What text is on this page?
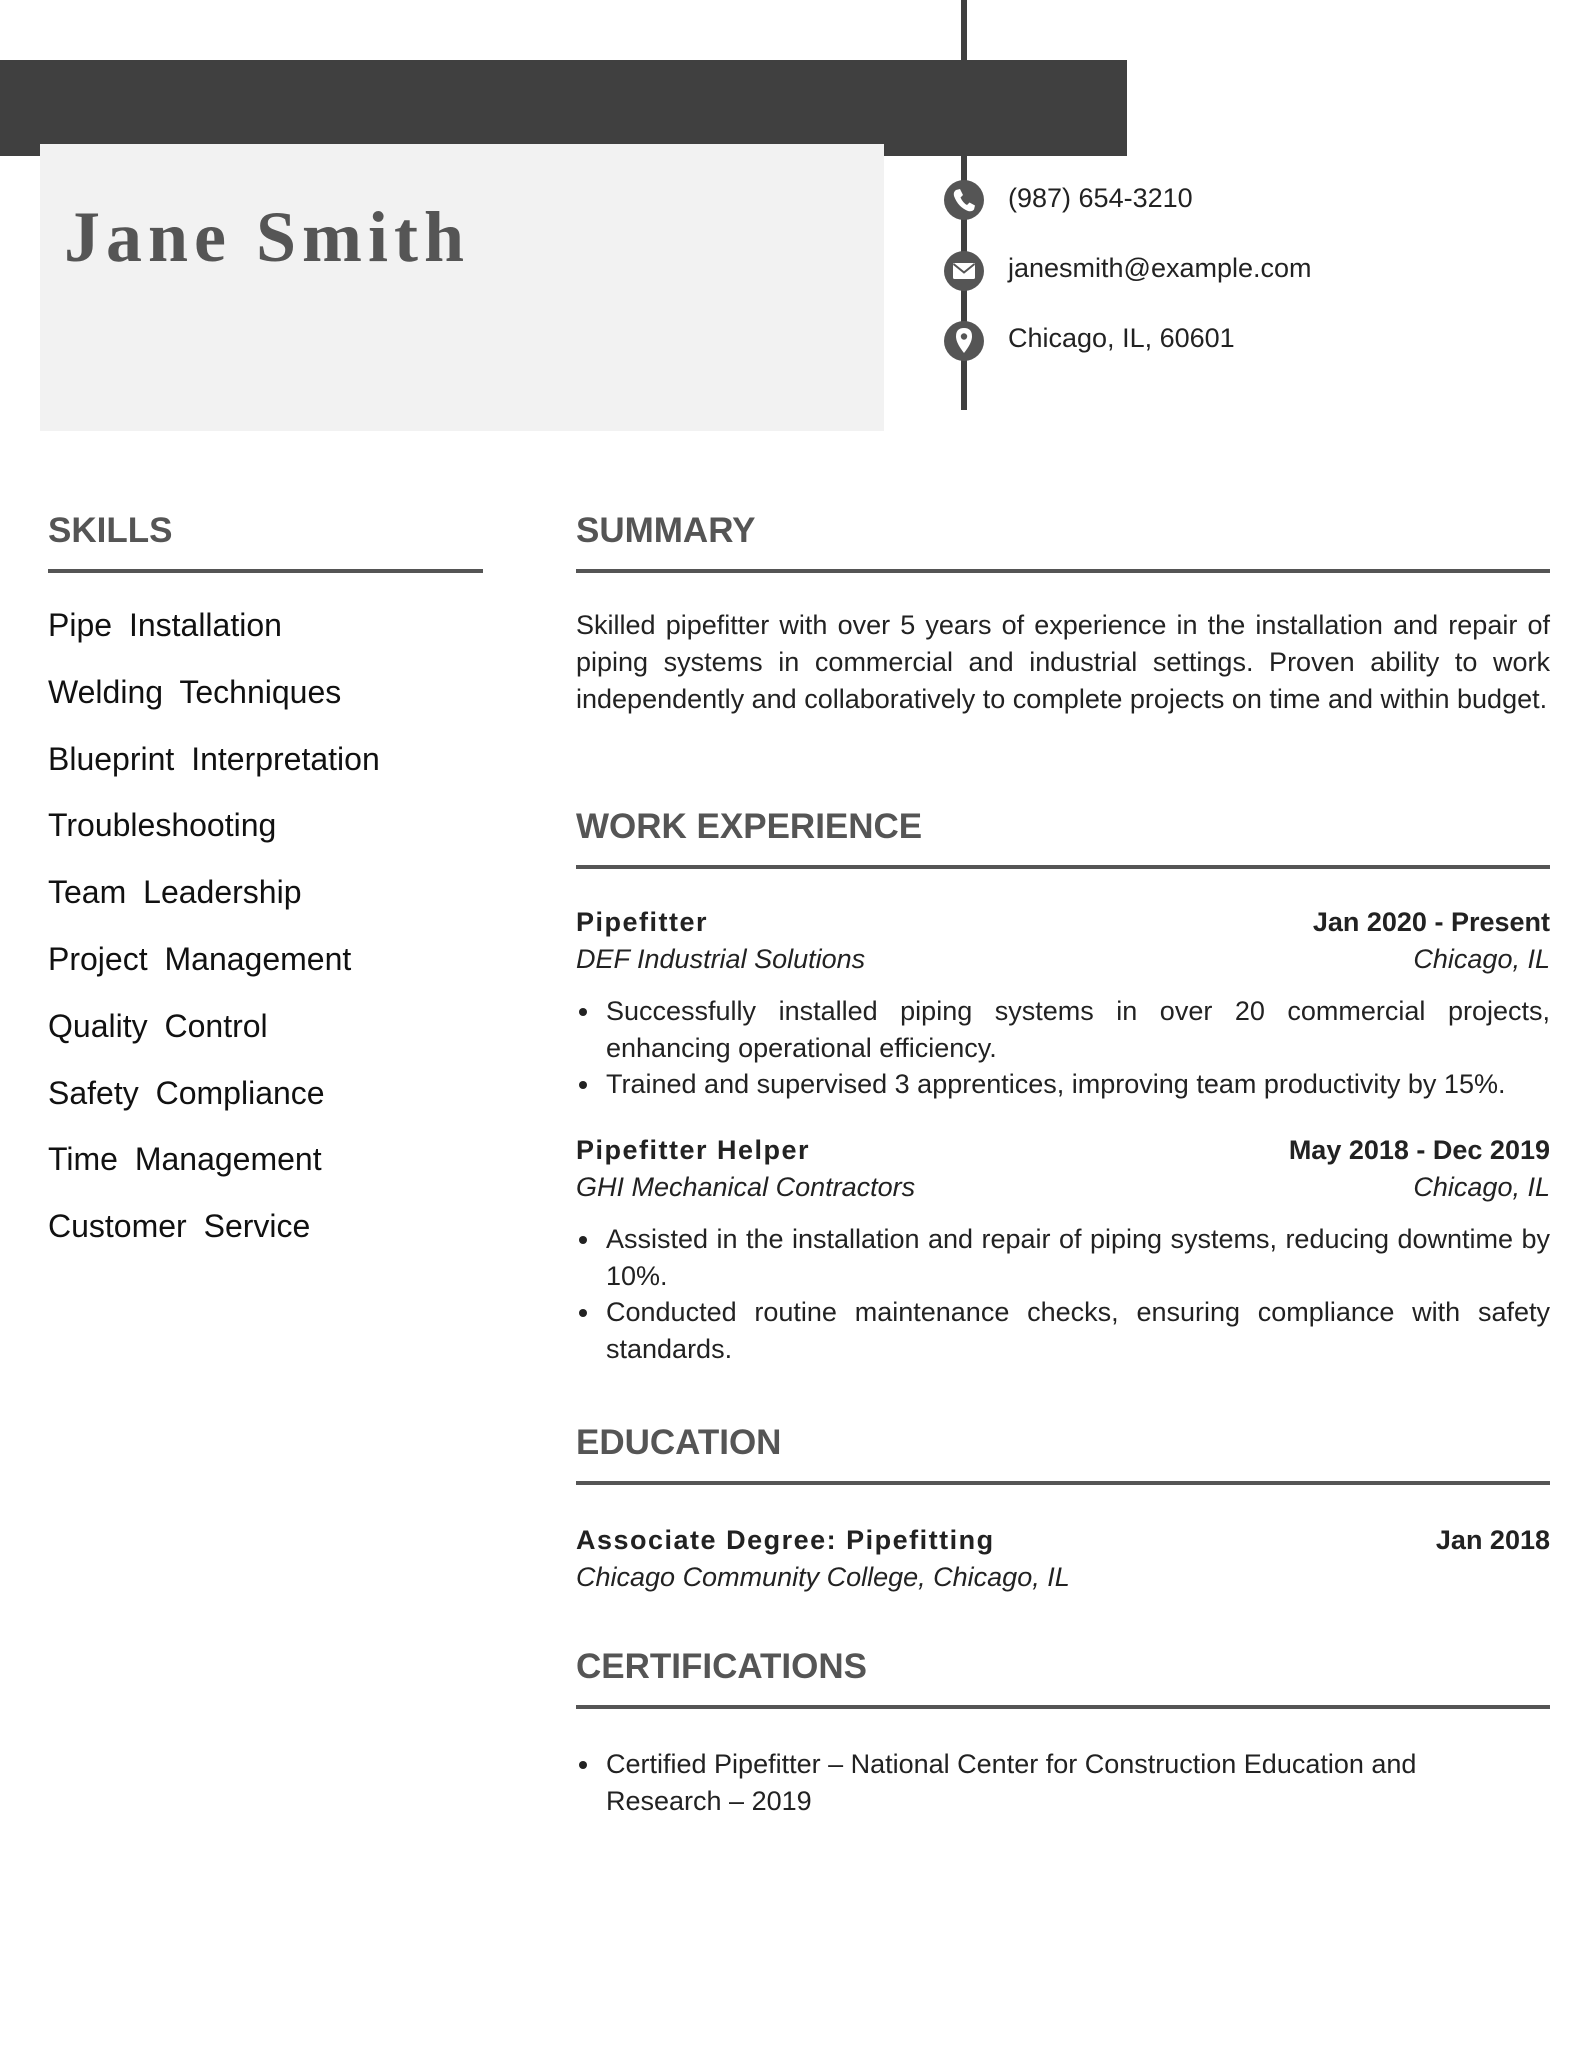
Jane Smith	(987) 654-3210
janesmith@example.com
Chicago, IL, 60601
SKILLS
Pipe Installation
Welding Techniques
Blueprint Interpretation
Troubleshooting
Team Leadership
Project Management
Quality Control
Safety Compliance
Time Management
Customer Service
SUMMARY

Skilled pipefitter with over 5 years of experience in the installation and repair of piping systems in commercial and industrial settings. Proven ability to work independently and collaboratively to complete projects on time and within budget.

WORK EXPERIENCE
Pipefitter	Jan 2020 - Present
DEF Industrial Solutions	Chicago, IL
Successfully installed piping systems in over 20 commercial projects, enhancing operational efficiency.
Trained and supervised 3 apprentices, improving team productivity by 15%.
Pipefitter Helper	May 2018 - Dec 2019
GHI Mechanical Contractors	Chicago, IL
Assisted in the installation and repair of piping systems, reducing downtime by 10%.
Conducted routine maintenance checks, ensuring compliance with safety standards.
EDUCATION
Associate Degree: Pipefitting	Jan 2018
Chicago Community College, Chicago, IL
CERTIFICATIONS
Certified Pipefitter – National Center for Construction Education and Research – 2019
